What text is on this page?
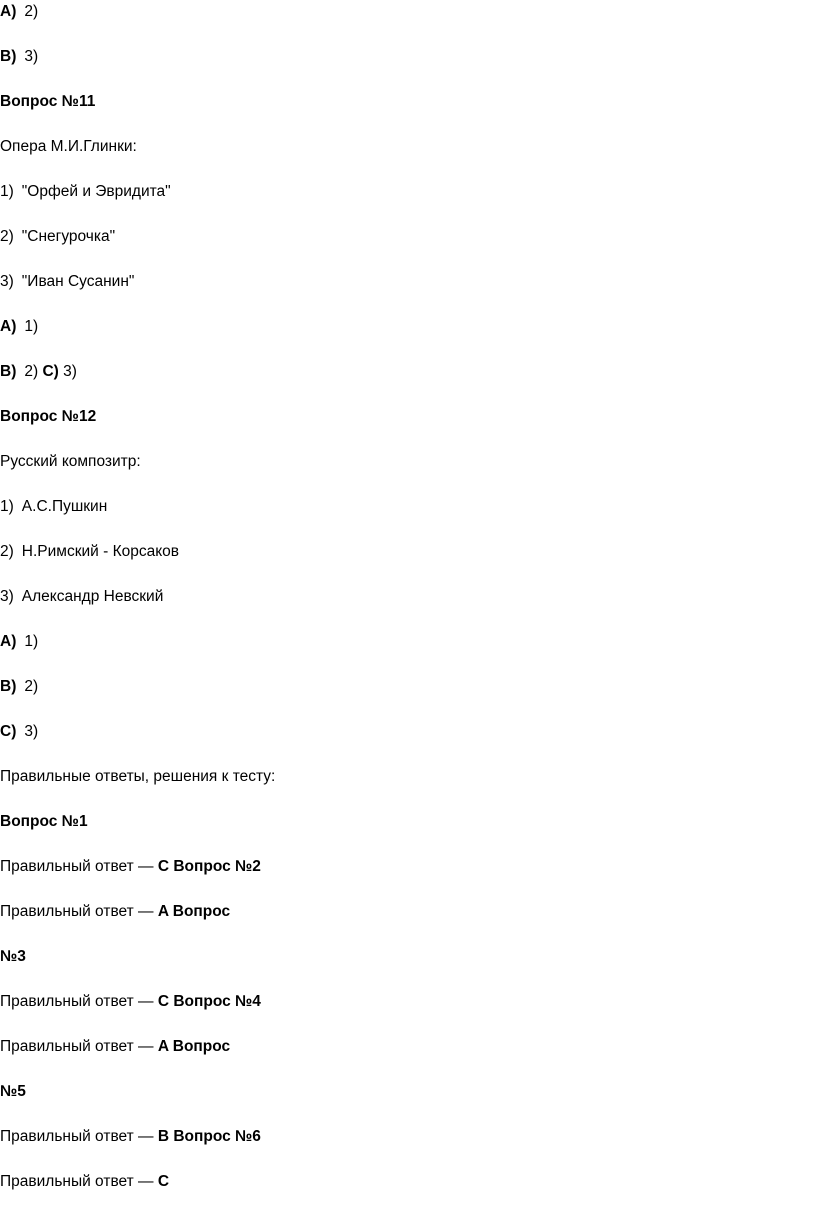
A) 2)
B) 3)
Вопрос №11
Опера М.И.Глинки:
1) "Орфей и Эвридита"
2) "Снегурочка"
3) "Иван Сусанин"
A) 1)
B) 2) C) 3)
Вопрос №12
Русский композитр:
1) А.С.Пушкин
2) Н.Римский - Корсаков
3) Александр Невский
A) 1)
B) 2)
C) 3)
Правильные ответы, решения к тесту:
Вопрос №1
Правильный ответ — C Вопрос №2
Правильный ответ — A Вопрос
№3
Правильный ответ — C Вопрос №4
Правильный ответ — A Вопрос
№5
Правильный ответ — B Вопрос №6
Правильный ответ — C
